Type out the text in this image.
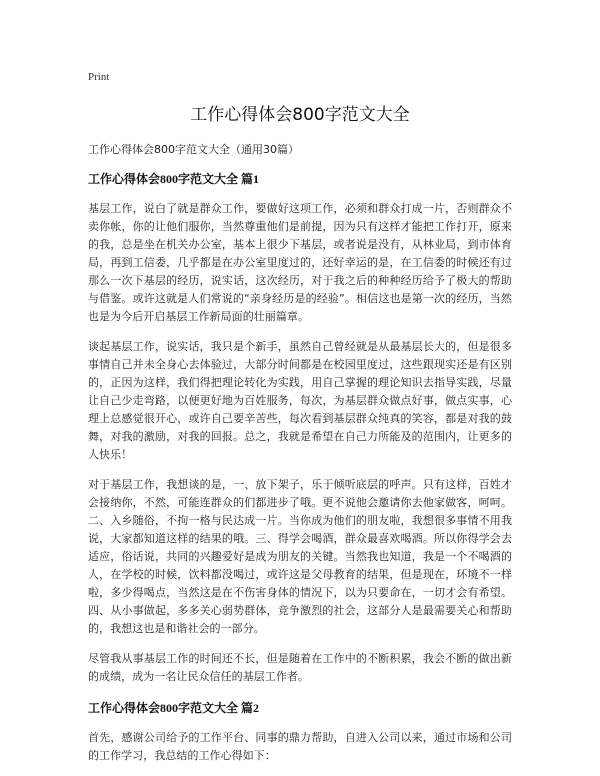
Print
工作心得体会800字范文大全

工作心得体会800字范文大全（通用30篇）

工作心得体会800字范文大全 篇1

基层工作，说白了就是群众工作，要做好这项工作，必须和群众打成一片，否则群众不卖你帐，你的让他们服你，当然尊重他们是前提，因为只有这样才能把工作打开，原来的我，总是坐在机关办公室，基本上很少下基层，或者说是没有，从林业局，到市体育局，再到工信委，几乎都是在办公室里度过的，还好幸运的是，在工信委的时候还有过那么一次下基层的经历，说实话，这次经历，对于我之后的种种经历给予了极大的帮助与借鉴。或许这就是人们常说的“亲身经历是的经验”。相信这也是第一次的经历，当然也是为今后开启基层工作新局面的壮丽篇章。

谈起基层工作，说实话，我只是个新手，虽然自己曾经就是从最基层长大的，但是很多事情自己并未全身心去体验过，大部分时间都是在校园里度过，这些跟现实还是有区别的，正因为这样，我们得把理论转化为实践，用自己掌握的理论知识去指导实践，尽量让自己少走弯路，以便更好地为百姓服务，每次，为基层群众做点好事，做点实事，心理上总感觉很开心，或许自己要辛苦些，每次看到基层群众纯真的笑容，都是对我的鼓舞，对我的激励，对我的回报。总之，我就是希望在自己力所能及的范围内，让更多的人快乐！

对于基层工作，我想谈的是，一、放下架子，乐于倾听底层的呼声。只有这样，百姓才会接纳你，不然，可能连群众的们都进步了哦。更不说他会邀请你去他家做客，呵呵。二、入乡随俗，不拘一格与民达成一片。当你成为他们的朋友啦，我想很多事情不用我说，大家都知道这样的结果的哦。三、得学会喝酒，群众最喜欢喝酒。所以你得学会去适应，俗话说，共同的兴趣爱好是成为朋友的关键。当然我也知道，我是一个不喝酒的人，在学校的时候，饮料都没喝过，或许这是父母教育的结果，但是现在，环境不一样啦，多少得喝点，当然这是在不伤害身体的情况下，以为只要命在，一切才会有希望。四、从小事做起，多多关心弱势群体，竞争激烈的社会，这部分人是最需要关心和帮助的，我想这也是和谐社会的一部分。

尽管我从事基层工作的时间还不长，但是随着在工作中的不断积累，我会不断的做出新的成绩，成为一名让民众信任的基层工作者。

工作心得体会800字范文大全 篇2

首先，感谢公司给予的工作平台、同事的鼎力帮助，自进入公司以来，通过市场和公司的工作学习，我总结的工作心得如下：
